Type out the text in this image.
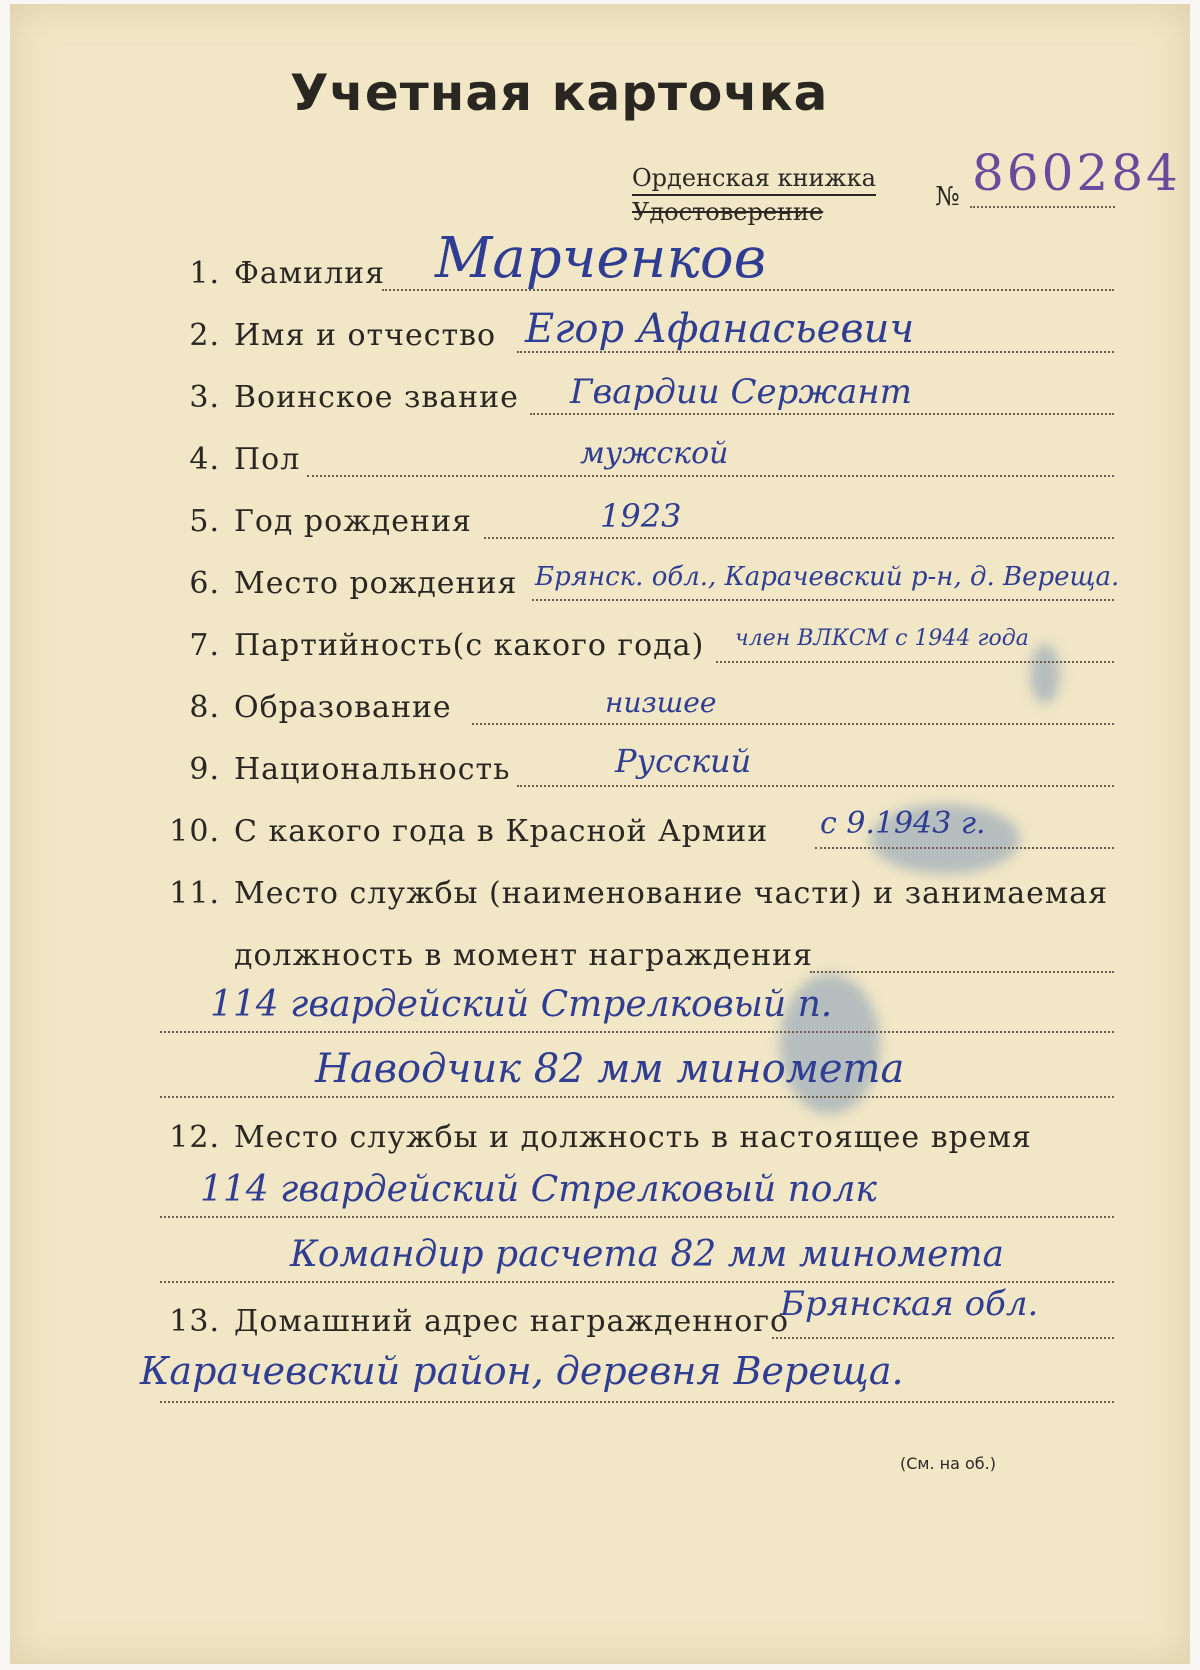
Учетная карточка
Орденская книжка
Удостоверение	№ 860284
1. Фамилия Марченков
2. Имя и отчество Егор Афанасьевич
3. Воинское звание Гвардии Сержант
4. Пол	мужской
5. Год рождения	1923
6. Место рождения Брянск. обл., Карачевский р-н, д. Вереща.
7. Партийность(с какого года) член ВЛКСМ с 1944 года
8. Образование	низшее
9. Национальность	Русский
10. С какого года в Красной Армии с 9.1943 г.
11. Место службы (наименование части) и занимаемая
должность в момент награждения
114 гвардейский Стрелковый п.
Наводчик 82 мм миномета
12. Место службы и должность в настоящее время
114 гвардейский Стрелковый полк
Командир расчета 82 мм миномета
13. Домашний адрес награжденного
Брянская обл.
Карачевский район, деревня Вереща.
(См. на об.)
